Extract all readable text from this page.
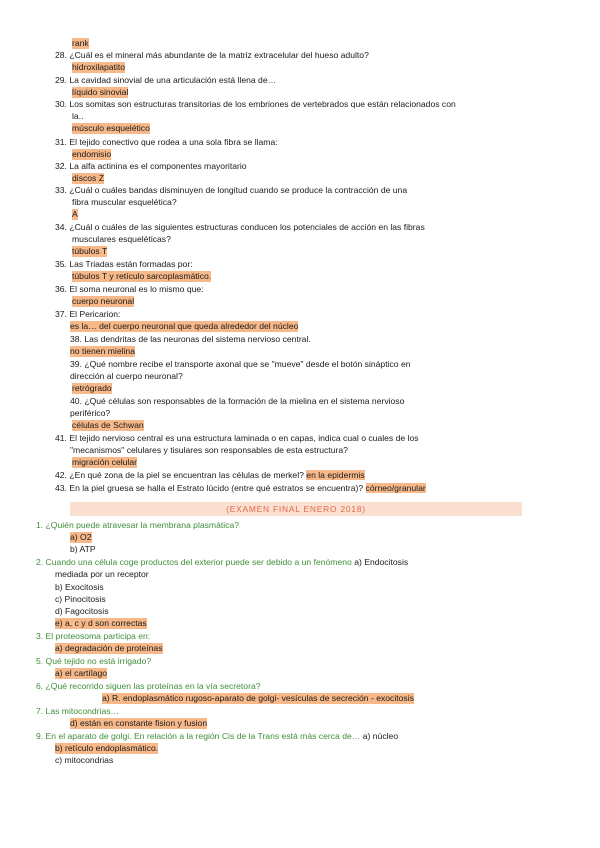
rank
28. ¿Cuál es el mineral más abundante de la matriz extracelular del hueso adulto?
hidroxilapatito
29. La cavidad sinovial de una articulación está llena de…
líquido sinovial
30. Los somitas son estructuras transitorias de los embriones de vertebrados que están relacionados con
la..
músculo esquelético
31. El tejido conectivo que rodea a una sola fibra se llama:
endomisio
32. La alfa actinina es el componentes mayoritario
discos Z
33. ¿Cuál o cuáles bandas disminuyen de longitud cuando se produce la contracción de una
fibra muscular esquelética?
A
34. ¿Cuál o cuáles de las siguientes estructuras conducen los potenciales de acción en las fibras
musculares esqueléticas?
túbulos T
35. Las Triadas están formadas por:
túbulos T y retículo sarcoplasmático.
36. El soma neuronal es lo mismo que:
cuerpo neuronal
37. El Pericarion:
es la… del cuerpo neuronal que queda alrededor del núcleo
38. Las dendritas de las neuronas del sistema nervioso central.
no tienen mielina
39. ¿Qué nombre recibe el transporte axonal que se "mueve" desde el botón sináptico en
dirección al cuerpo neuronal?
retrógrado
40. ¿Qué células son responsables de la formación de la mielina en el sistema nervioso
periférico?
células de Schwan
41. El tejido nervioso central es una estructura laminada o en capas, indica cual o cuales de los
"mecanismos" celulares y tisulares son responsables de esta estructura?
migración celular
42. ¿En qué zona de la piel se encuentran las células de merkel? en la epidermis
43. En la piel gruesa se halla el Estrato lúcido (entre qué estratos se encuentra)? córneo/granular
(EXAMEN FINAL ENERO 2018)
1. ¿Quién puede atravesar la membrana plasmática?
a) O2
b) ATP
2. Cuando una célula coge productos del exterior puede ser debido a un fenómeno a) Endocitosis
mediada por un receptor
b) Exocitosis
c) Pinocitosis
d) Fagocitosis
e) a, c y d son correctas
3. El proteosoma participa en:
a) degradación de proteínas
5. Qué tejido no está irrigado?
a) el cartílago
6. ¿Qué recorrido siguen las proteínas en la vía secretora?
a) R. endoplasmático rugoso-aparato de golgi- vesículas de secreción - exocitosis
7. Las mitocondrias…
d) están en constante fision y fusion
9. En el aparato de golgi. En relación a la región Cis de la Trans está más cerca de… a) núcleo
b) retículo endoplasmático.
c) mitocondrias
